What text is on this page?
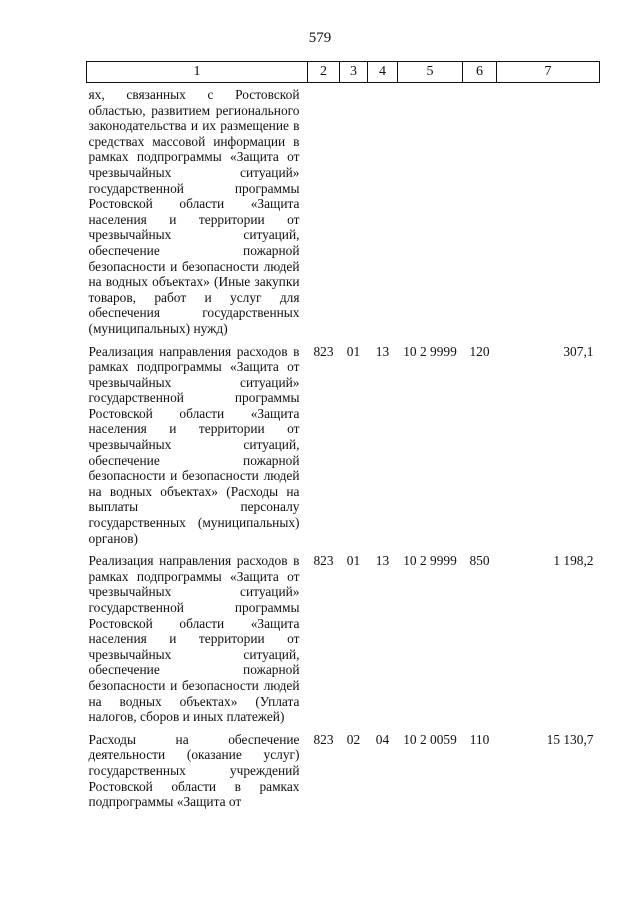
579
1	2	3	4	5	6	7
ях, связанных с Ростовской областью, развитием регионального законодательства и их размещение в средствах массовой информации в рамках подпрограммы «Защита от чрезвычайных ситуаций» государственной программы Ростовской области «Защита населения и территории от чрезвычайных ситуаций, обеспечение пожарной безопасности и безопасности людей на водных объектах» (Иные закупки товаров, работ и услуг для обеспечения государственных (муниципальных) нужд)						
Реализация направления расходов в рамках подпрограммы «Защита от чрезвычайных ситуаций» государственной программы Ростовской области «Защита населения и территории от чрезвычайных ситуаций, обеспечение пожарной безопасности и безопасности людей на водных объектах» (Расходы на выплаты персоналу государственных (муниципальных) органов)	823	01	13	10 2 9999	120	307,1
Реализация направления расходов в рамках подпрограммы «Защита от чрезвычайных ситуаций» государственной программы Ростовской области «Защита населения и территории от чрезвычайных ситуаций, обеспечение пожарной безопасности и безопасности людей на водных объектах» (Уплата налогов, сборов и иных платежей)	823	01	13	10 2 9999	850	1 198,2
Расходы на обеспечение деятельности (оказание услуг) государственных учреждений Ростовской области в рамках подпрограммы «Защита от	823	02	04	10 2 0059	110	15 130,7
